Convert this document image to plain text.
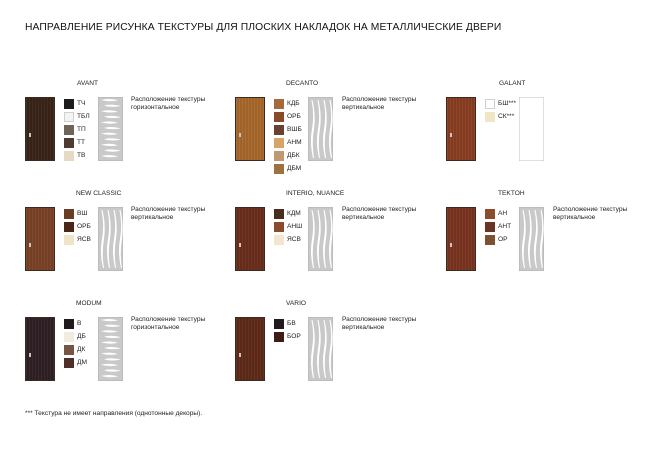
НАПРАВЛЕНИЕ РИСУНКА ТЕКСТУРЫ ДЛЯ ПЛОСКИХ НАКЛАДОК НА МЕТАЛЛИЧЕСКИЕ ДВЕРИ
AVANT
ТЧ
ТБЛ
ТП
ТТ
ТВ
Расположение текстуры
горизонтальное
DECANTO
КДБ
ОРБ
ВШБ
АНМ
ДБК
ДБМ
Расположение текстуры
вертикальное
GALANT
БШ***
СК***
NEW CLASSIC
ВШ
ОРБ
ЯСВ
Расположение текстуры
вертикальное
INTERIO, NUANCE
КДМ
АНШ
ЯСВ
Расположение текстуры
вертикальное
TEKTOH
АН
АНТ
ОР
Расположение текстуры
вертикальное
MODUM
В
ДБ
ДК
ДМ
Расположение текстуры
горизонтальное
VARIO
БВ
БОР
Расположение текстуры
вертикальное
*** Текстура не имеет направления (однотонные декоры).
